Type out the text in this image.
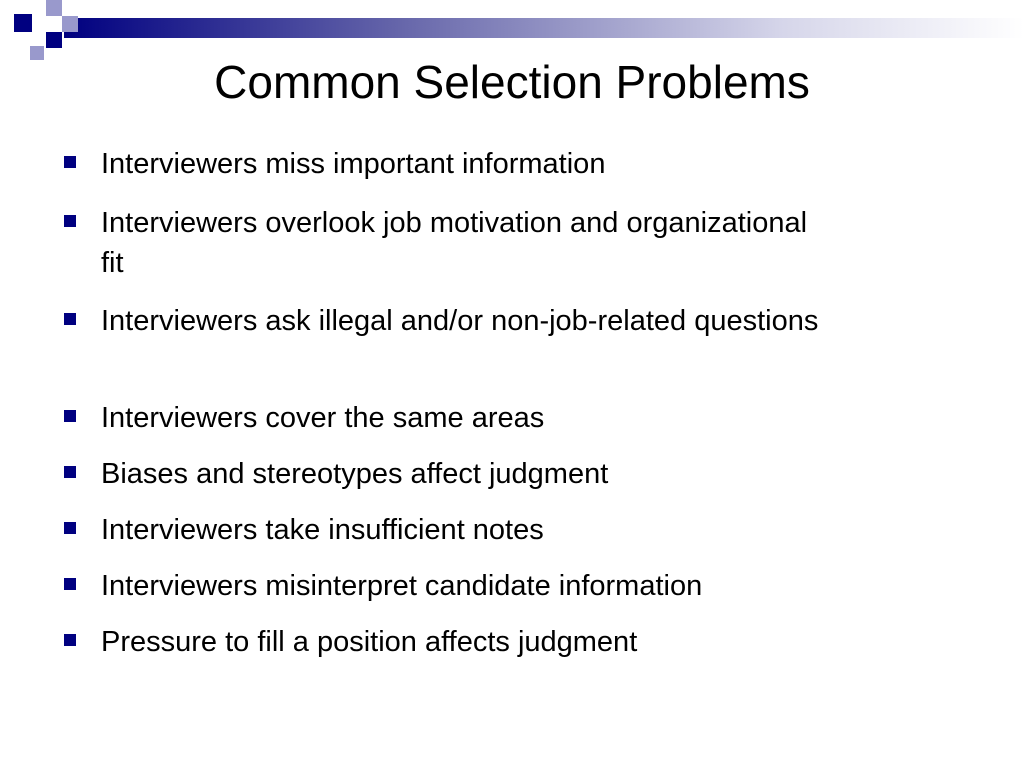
Common Selection Problems
Interviewers miss important information
Interviewers overlook job motivation and organizational fit
Interviewers ask illegal and/or non-job-related questions
Interviewers cover the same areas
Biases and stereotypes affect judgment
Interviewers take insufficient notes
Interviewers misinterpret candidate information
Pressure to fill a position affects judgment
